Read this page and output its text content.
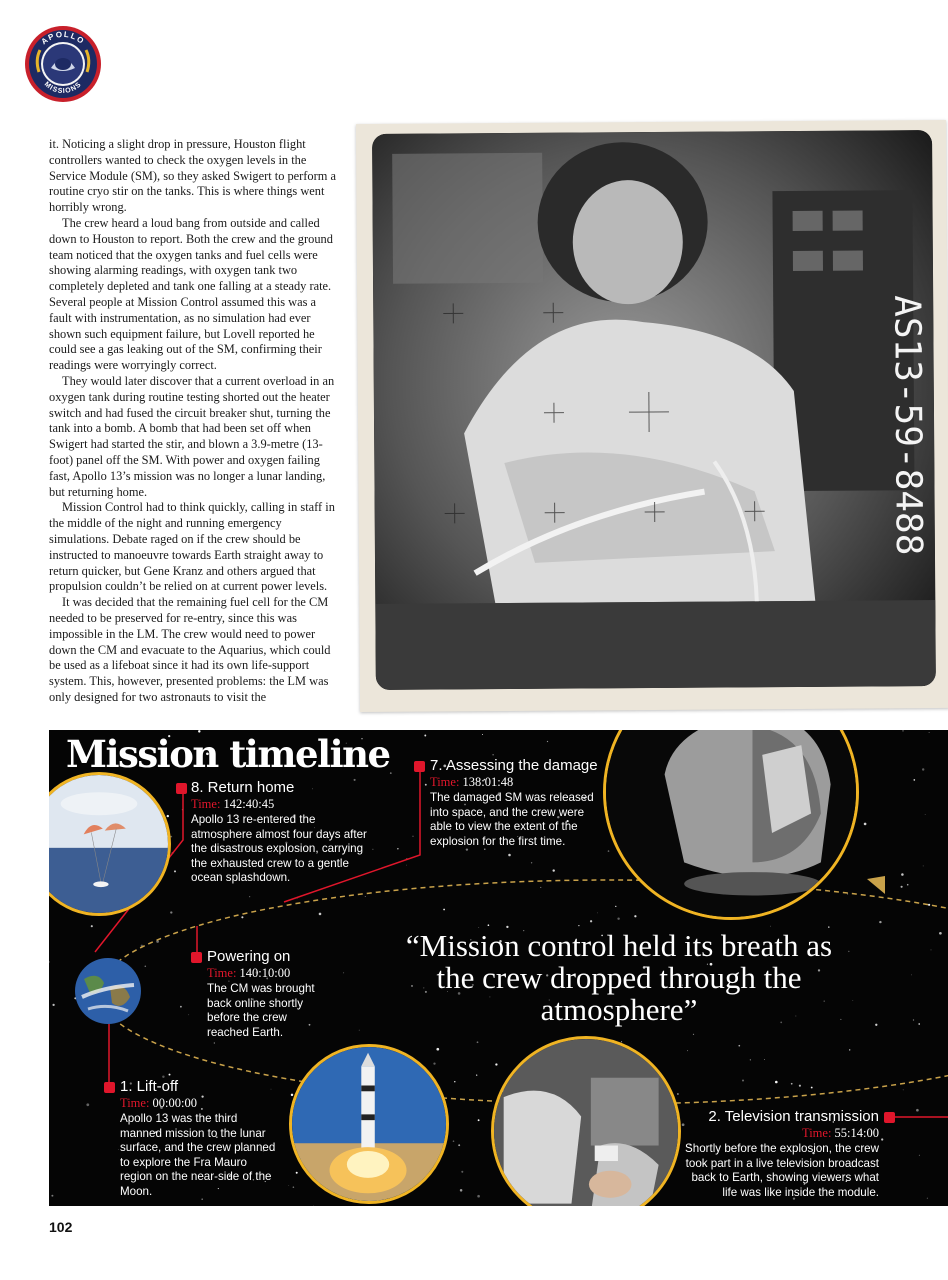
APOLLO
MISSIONS

it. Noticing a slight drop in pressure, Houston flight controllers wanted to check the oxygen levels in the Service Module (SM), so they asked Swigert to perform a routine cryo stir on the tanks. This is where things went horribly wrong.

The crew heard a loud bang from outside and called down to Houston to report. Both the crew and the ground team noticed that the oxygen tanks and fuel cells were showing alarming readings, with oxygen tank two completely depleted and tank one falling at a steady rate. Several people at Mission Control assumed this was a fault with instrumentation, as no simulation had ever shown such equipment failure, but Lovell reported he could see a gas leaking out of the SM, confirming their readings were worryingly correct.

They would later discover that a current overload in an oxygen tank during routine testing shorted out the heater switch and had fused the circuit breaker shut, turning the tank into a bomb. A bomb that had been set off when Swigert had started the stir, and blown a 3.9-metre (13-foot) panel off the SM. With power and oxygen failing fast, Apollo 13’s mission was no longer a lunar landing, but returning home.

Mission Control had to think quickly, calling in staff in the middle of the night and running emergency simulations. Debate raged on if the crew should be instructed to manoeuvre towards Earth straight away to return quicker, but Gene Kranz and others argued that propulsion couldn’t be relied on at current power levels.

It was decided that the remaining fuel cell for the CM needed to be preserved for re-entry, since this was impossible in the LM. The crew would need to power down the CM and evacuate to the Aquarius, which could be used as a lifeboat since it had its own life-support system. This, however, presented problems: the LM was only designed for two astronauts to visit the

AS13-59-8488
Mission timeline
8. Return home
Time: 142:40:45
Apollo 13 re-entered the atmosphere almost four days after the disastrous explosion, carrying the exhausted crew to a gentle ocean splashdown.
7. Assessing the damage
Time: 138:01:48
The damaged SM was released into space, and the crew were able to view the extent of the explosion for the first time.
Powering on
Time: 140:10:00
The CM was brought back online shortly before the crew reached Earth.
1. Lift-off
Time: 00:00:00
Apollo 13 was the third manned mission to the lunar surface, and the crew planned to explore the Fra Mauro region on the near-side of the Moon.
2. Television transmission
Time: 55:14:00
Shortly before the explosion, the crew took part in a live television broadcast back to Earth, showing viewers what life was like inside the module.
“Mission control held its breath as the crew dropped through the atmosphere”
102
